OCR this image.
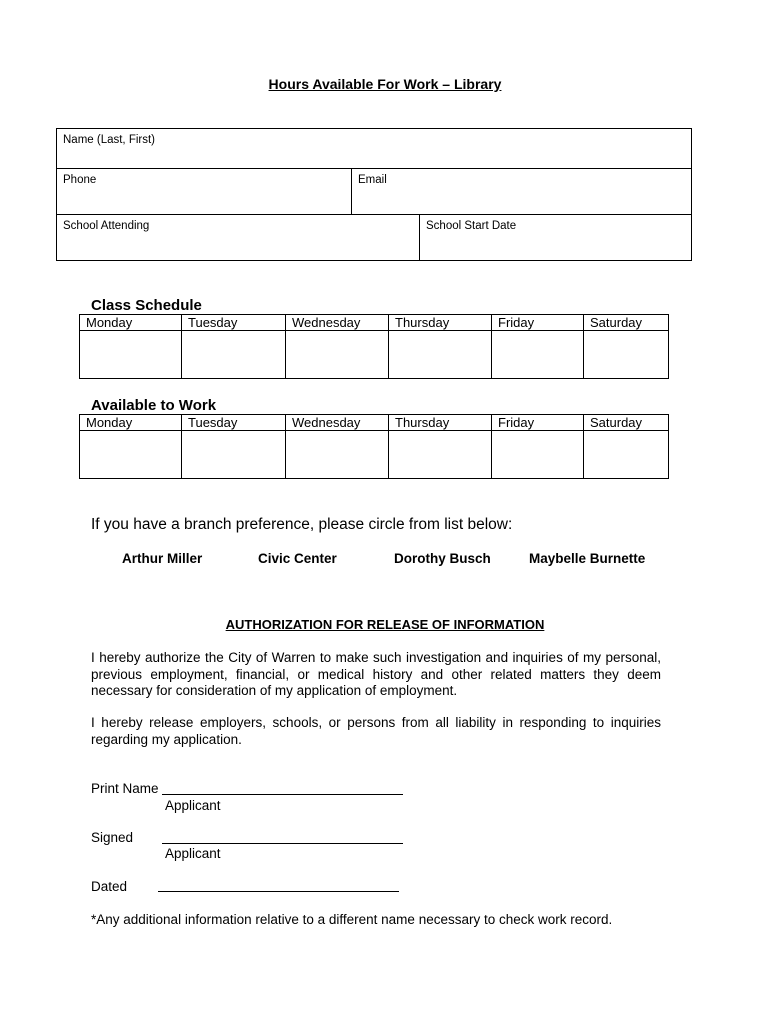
Hours Available For Work – Library
Name (Last, First)
Phone	Email
School Attending	School Start Date
Class Schedule
Monday	Tuesday	Wednesday	Thursday	Friday	Saturday

Available to Work
Monday	Tuesday	Wednesday	Thursday	Friday	Saturday

If you have a branch preference, please circle from list below:
Arthur Miller	Civic Center	Dorothy Busch	Maybelle Burnette
AUTHORIZATION FOR RELEASE OF INFORMATION
I hereby authorize the City of Warren to make such investigation and inquiries of my personal, previous employment, financial, or medical history and other related matters they deem necessary for consideration of my application of employment.
I hereby release employers, schools, or persons from all liability in responding to inquiries regarding my application.
Print Name
Applicant
Signed
Applicant
Dated
*Any additional information relative to a different name necessary to check work record.
